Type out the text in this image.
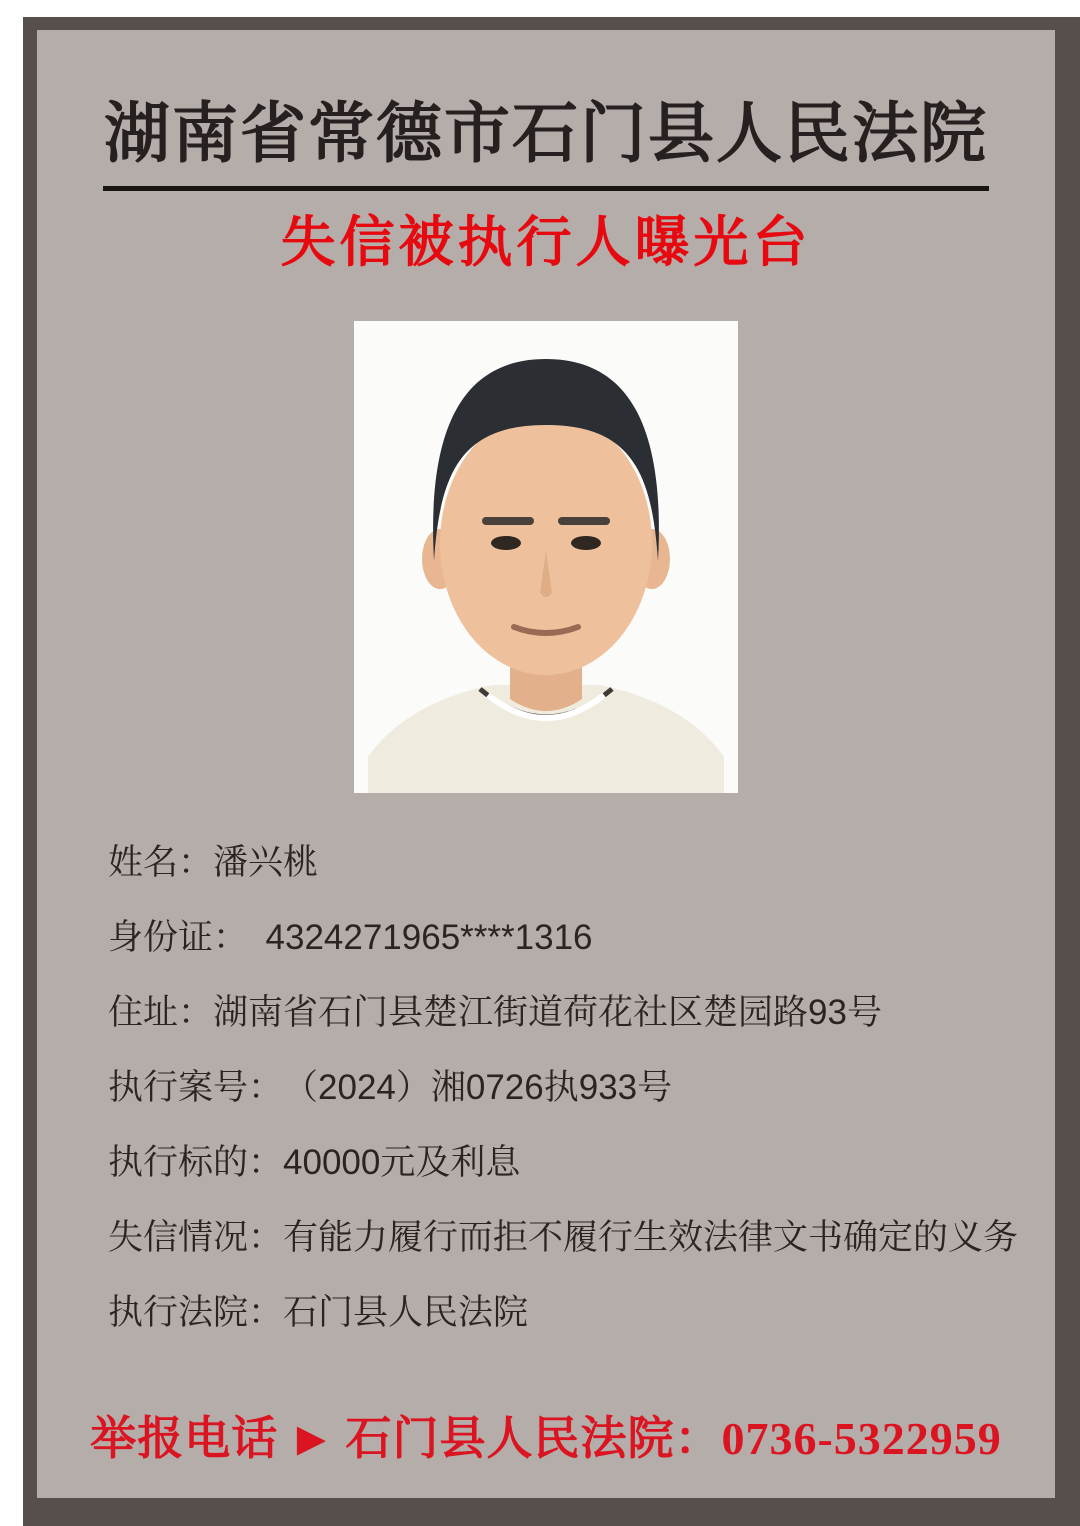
湖南省常德市石门县人民法院
失信被执行人曝光台
姓名：潘兴桃
身份证：　4324271965****1316
住址：湖南省石门县楚江街道荷花社区楚园路93号
执行案号：　（2024）湘0726执933号
执行标的：40000元及利息
失信情况：有能力履行而拒不履行生效法律文书确定的义务
执行法院：石门县人民法院
举报电话 ▶ 石门县人民法院：0736-5322959
